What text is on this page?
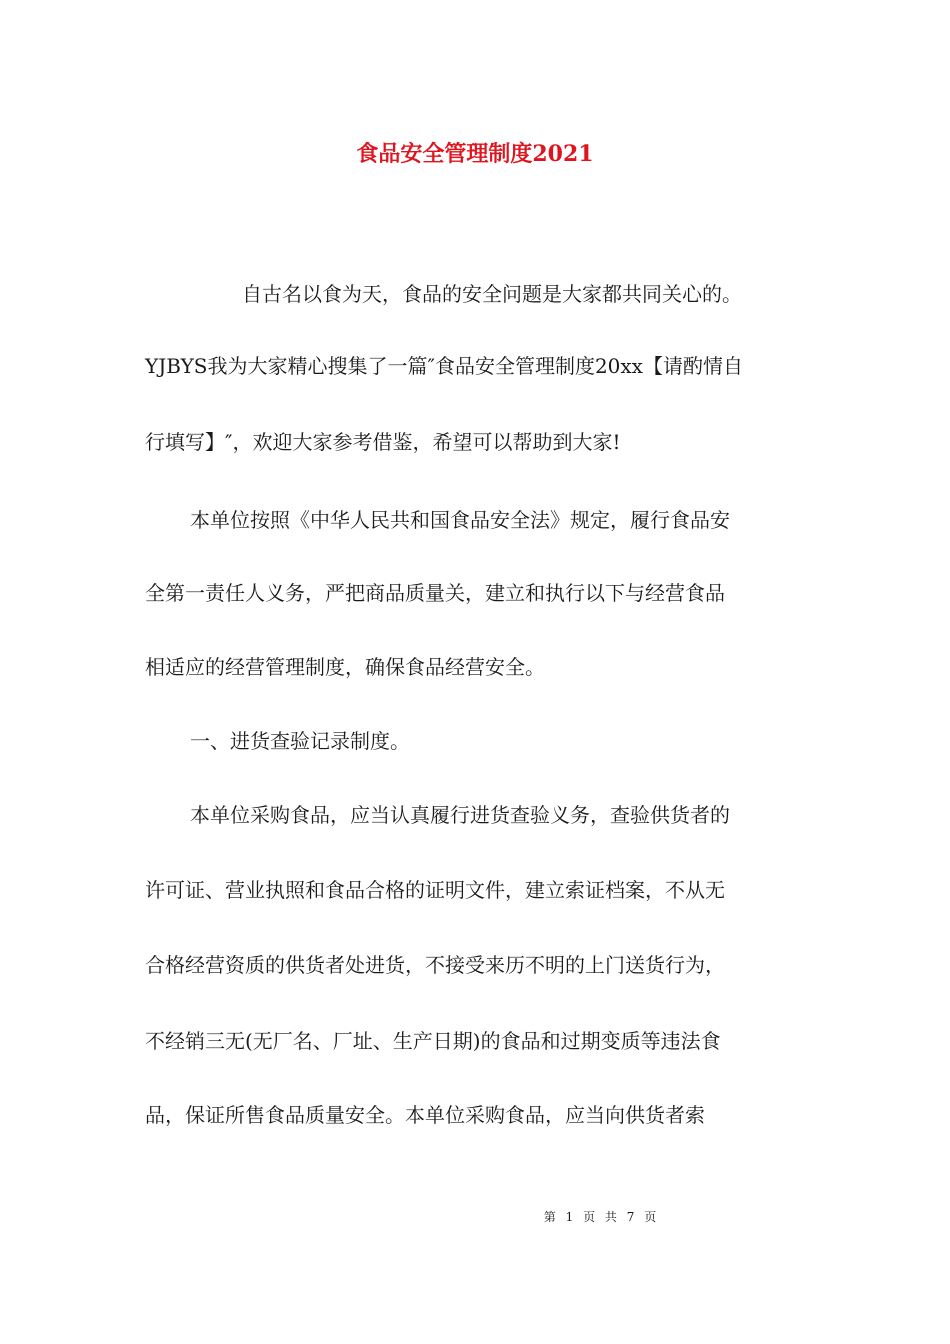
食品安全管理制度2021
自古名以食为天，食品的安全问题是大家都共同关心的。
YJBYS我为大家精心搜集了一篇″食品安全管理制度20xx【请酌情自
行填写】″，欢迎大家参考借鉴，希望可以帮助到大家!
本单位按照《中华人民共和国食品安全法》规定，履行食品安
全第一责任人义务，严把商品质量关，建立和执行以下与经营食品
相适应的经营管理制度，确保食品经营安全。
一、进货查验记录制度。
本单位采购食品，应当认真履行进货查验义务，查验供货者的
许可证、营业执照和食品合格的证明文件，建立索证档案，不从无
合格经营资质的供货者处进货，不接受来历不明的上门送货行为，
不经销三无(无厂名、厂址、生产日期)的食品和过期变质等违法食
品，保证所售食品质量安全。本单位采购食品，应当向供货者索
第 1 页 共 7 页
